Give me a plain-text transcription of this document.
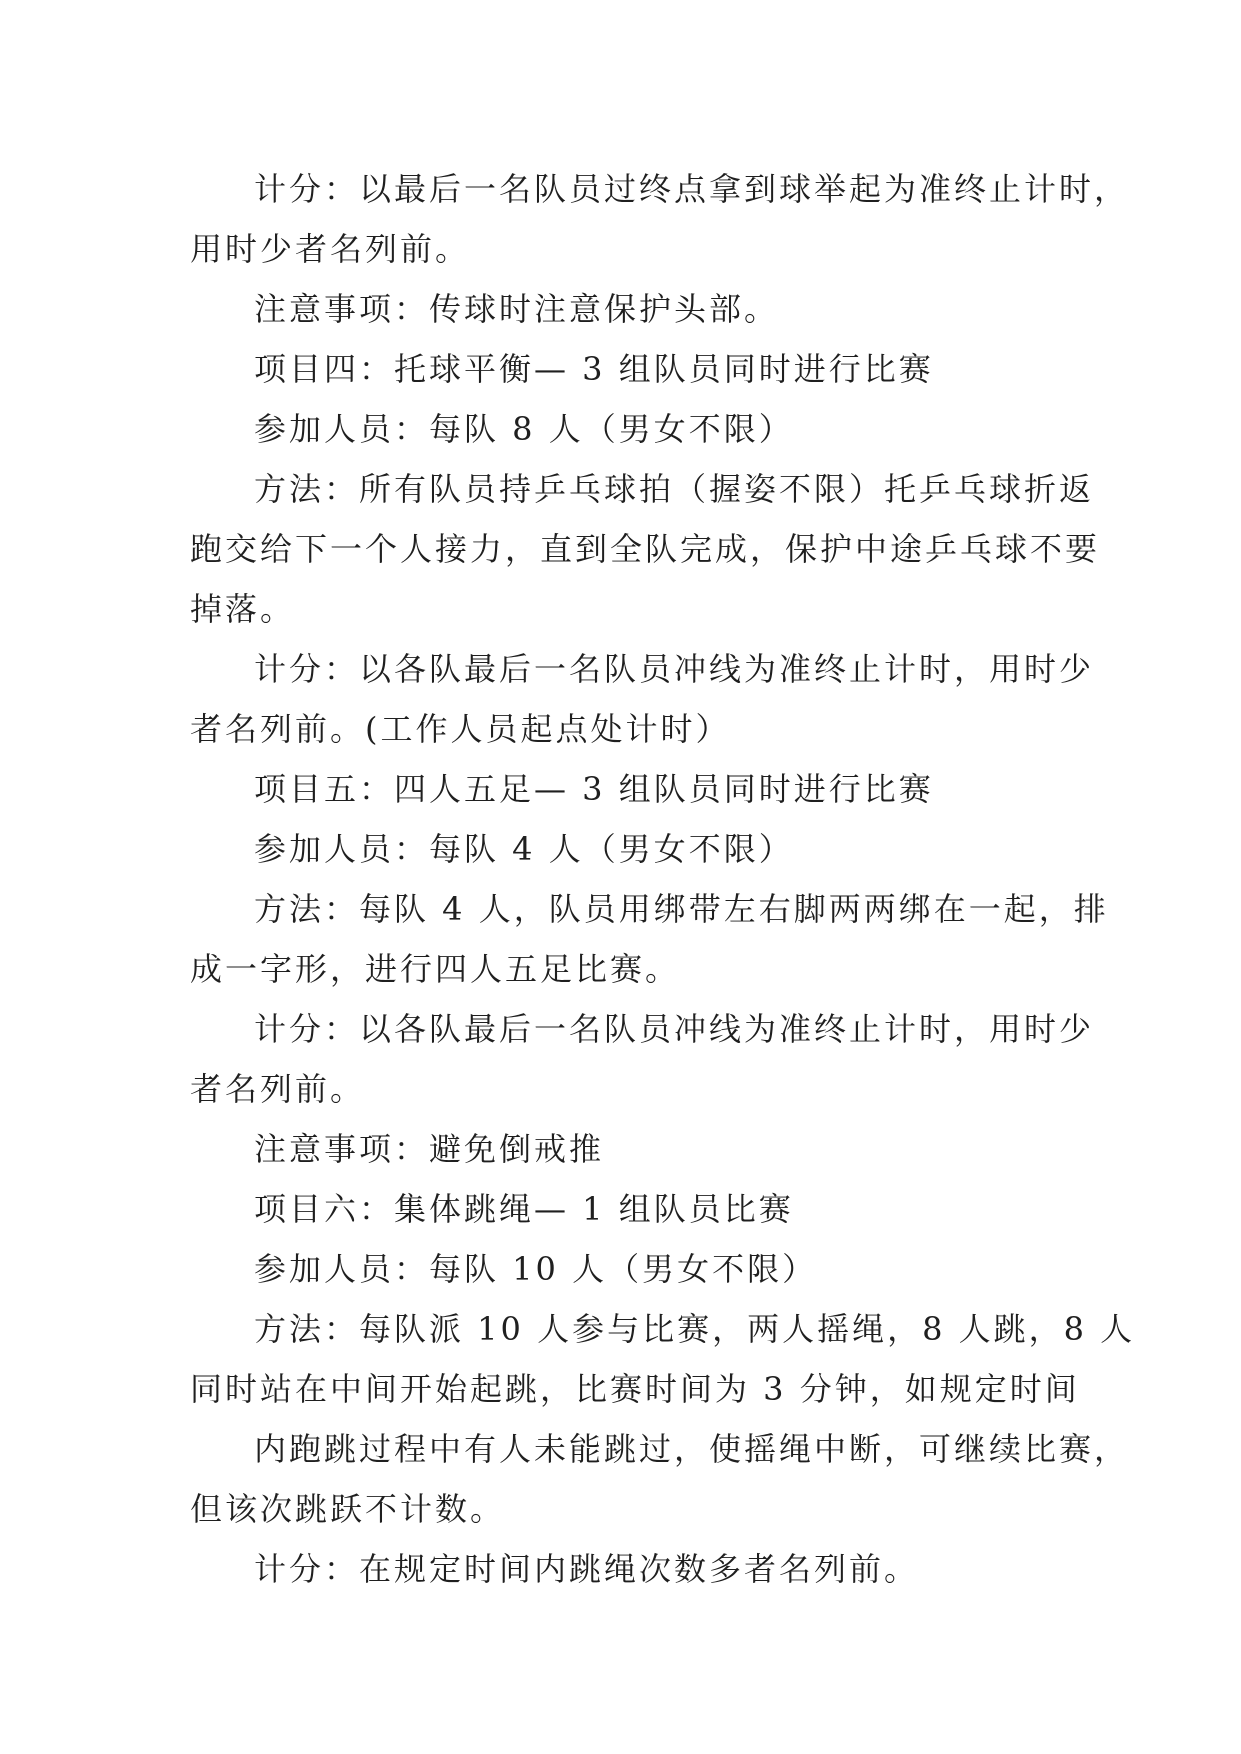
计分：以最后一名队员过终点拿到球举起为准终止计时，

用时少者名列前。

注意事项：传球时注意保护头部。

项目四：托球平衡— 3 组队员同时进行比赛

参加人员：每队 8 人（男女不限）

方法：所有队员持乒乓球拍（握姿不限）托乒乓球折返

跑交给下一个人接力，直到全队完成，保护中途乒乓球不要

掉落。

计分：以各队最后一名队员冲线为准终止计时，用时少

者名列前。(工作人员起点处计时）

项目五：四人五足— 3 组队员同时进行比赛

参加人员：每队 4 人（男女不限）

方法：每队 4 人，队员用绑带左右脚两两绑在一起，排

成一字形，进行四人五足比赛。

计分：以各队最后一名队员冲线为准终止计时，用时少

者名列前。

注意事项：避免倒戒推

项目六：集体跳绳— 1 组队员比赛

参加人员：每队 10 人（男女不限）

方法：每队派 10 人参与比赛，两人摇绳，8 人跳，8 人

同时站在中间开始起跳，比赛时间为 3 分钟，如规定时间

内跑跳过程中有人未能跳过，使摇绳中断，可继续比赛，

但该次跳跃不计数。

计分：在规定时间内跳绳次数多者名列前。
